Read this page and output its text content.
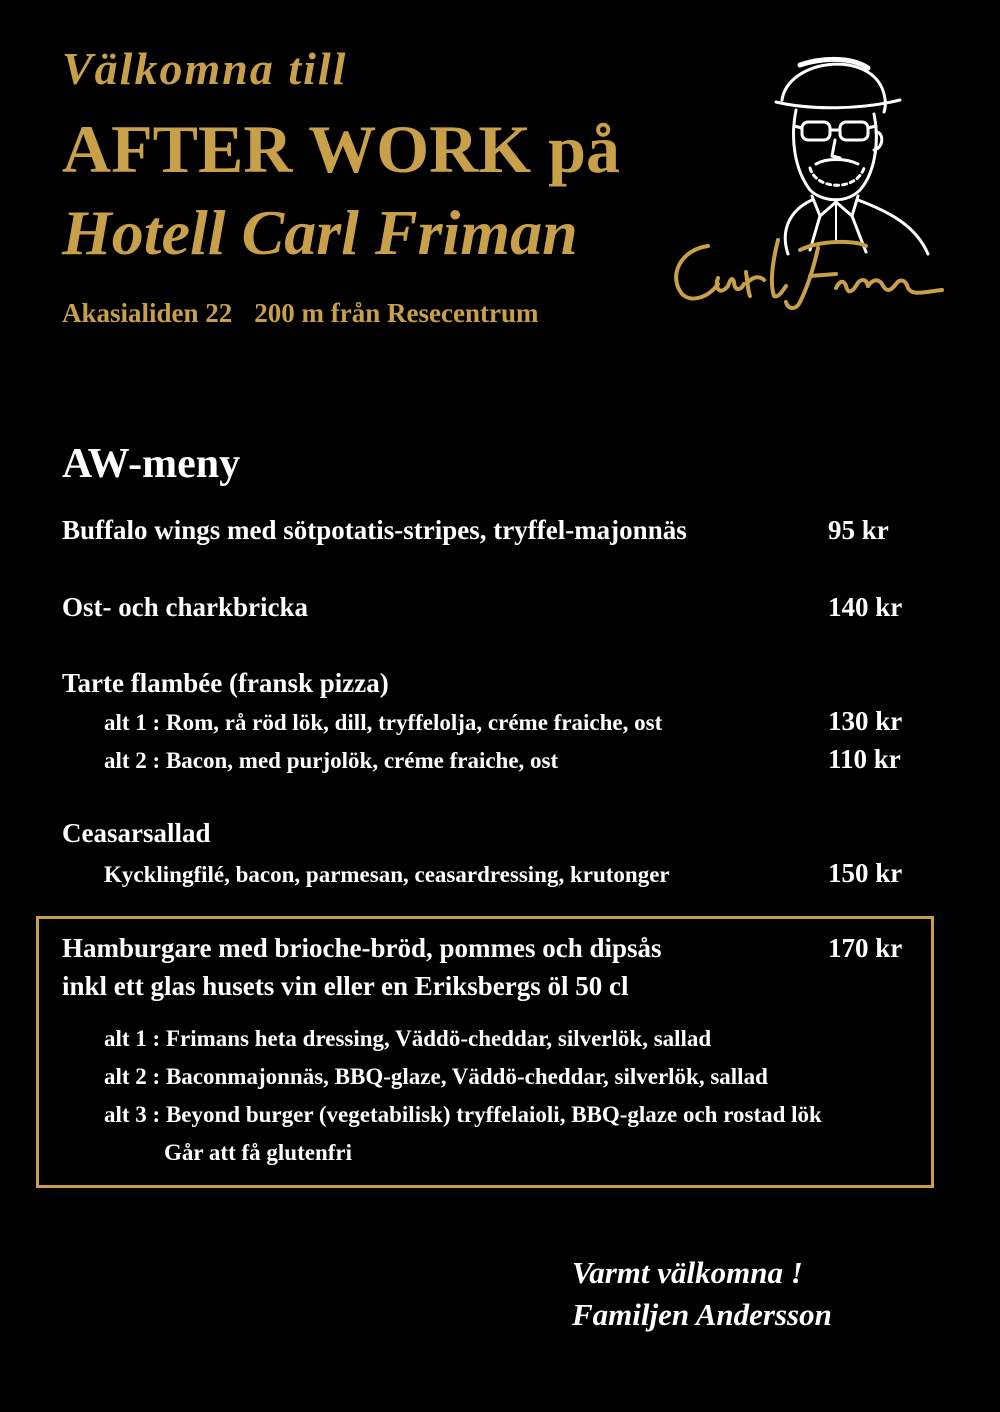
Välkomna till
AFTER WORK på
Hotell Carl Friman
Akasialiden 22 200 m från Resecentrum
AW-meny
Buffalo wings med sötpotatis-stripes, tryffel-majonnäs	95 kr
Ost- och charkbricka	140 kr
Tarte flambée (fransk pizza)
alt 1 : Rom, rå röd lök, dill, tryffelolja, créme fraiche, ost	130 kr
alt 2 : Bacon, med purjolök, créme fraiche, ost	110 kr
Ceasarsallad
Kycklingfilé, bacon, parmesan, ceasardressing, krutonger	150 kr
Hamburgare med brioche-bröd, pommes och dipsås	170 kr
inkl ett glas husets vin eller en Eriksbergs öl 50 cl
alt 1 : Frimans heta dressing, Väddö-cheddar, silverlök, sallad
alt 2 : Baconmajonnäs, BBQ-glaze, Väddö-cheddar, silverlök, sallad
alt 3 : Beyond burger (vegetabilisk) tryffelaioli, BBQ-glaze och rostad lök
Går att få glutenfri
Varmt välkomna !
Familjen Andersson
